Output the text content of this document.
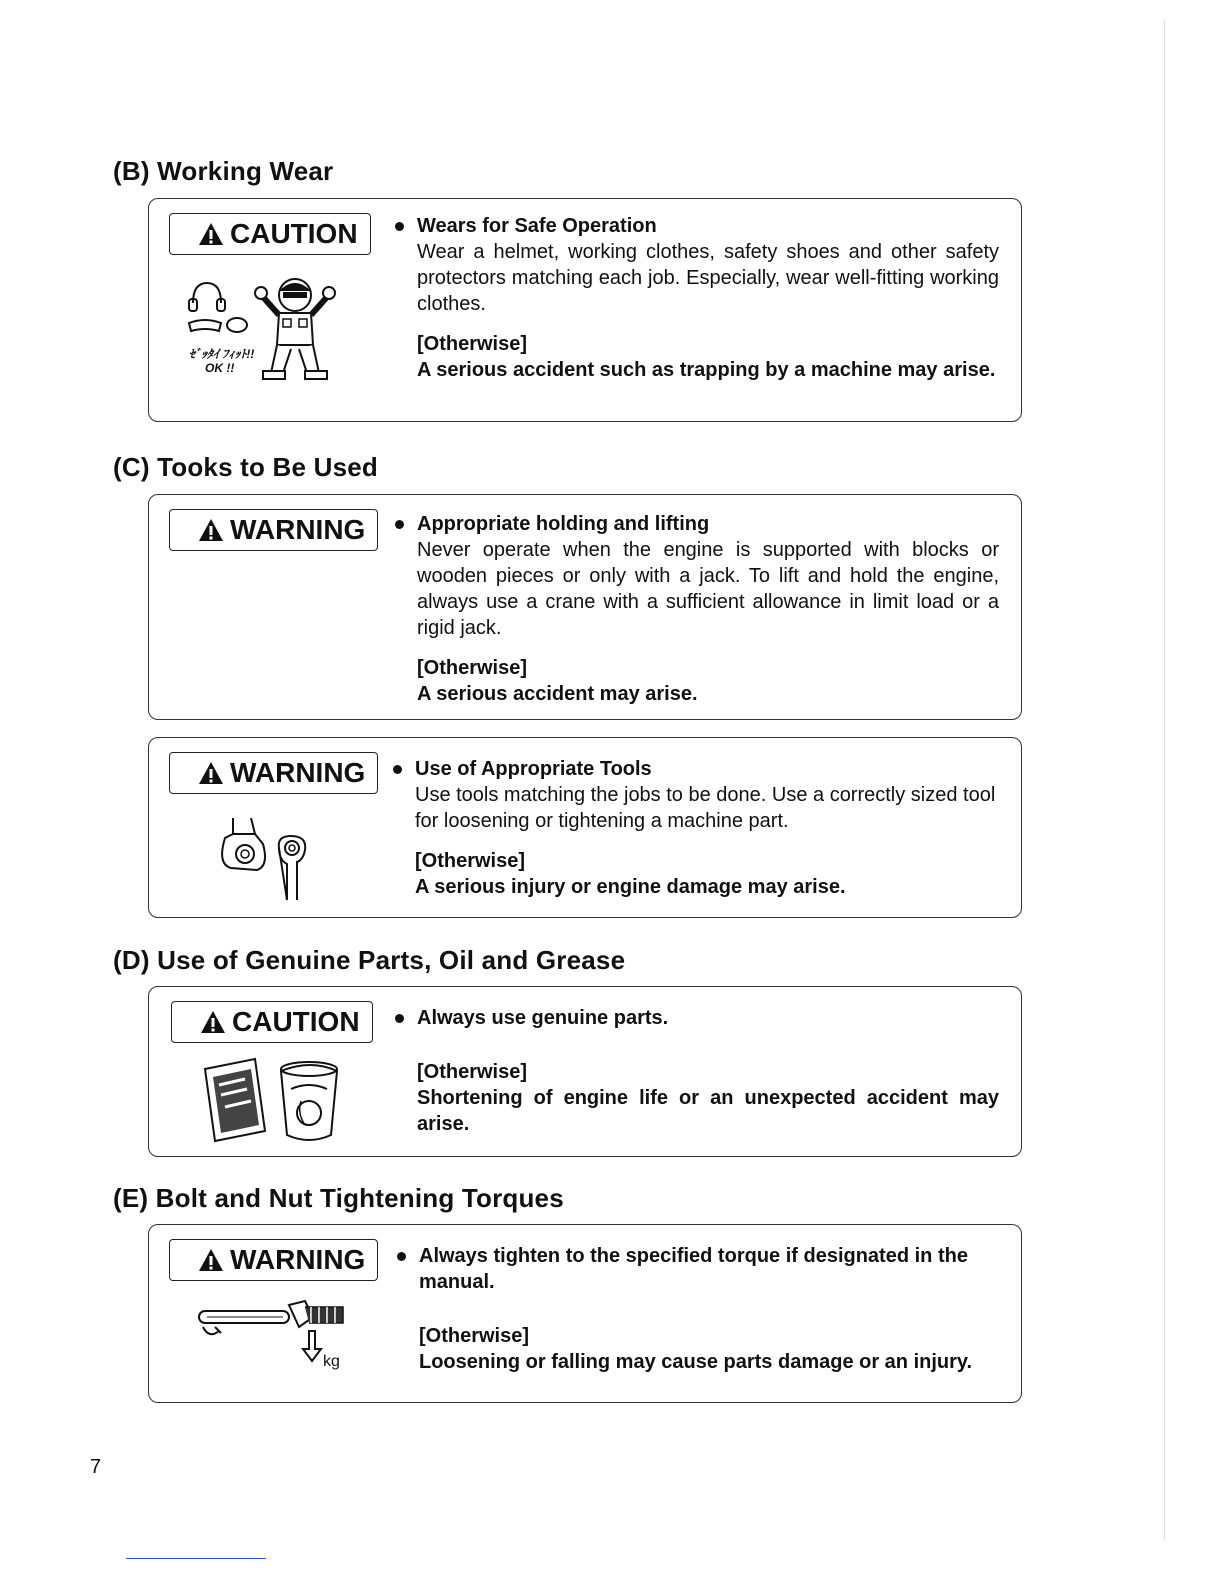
(B) Working Wear
CAUTION
ｾﾞｯﾀｲ ﾌｨｯﾄ!!
OK !!
Wears for Safe Operation
Wear a helmet, working clothes, safety shoes and other safety protectors matching each job. Especially, wear well-fitting working clothes.
[Otherwise]
A serious accident such as trapping by a machine may arise.
(C) Tooks to Be Used
WARNING	Appropriate holding and lifting
Never operate when the engine is supported with blocks or wooden pieces or only with a jack. To lift and hold the engine, always use a crane with a sufficient allowance in limit load or a rigid jack.
[Otherwise]
A serious accident may arise.
WARNING Use of Appropriate Tools
Use tools matching the jobs to be done. Use a correctly sized tool for loosening or tightening a machine part.
[Otherwise]
A serious injury or engine damage may arise.
(D) Use of Genuine Parts, Oil and Grease
CAUTION	Always use genuine parts.
[Otherwise]
Shortening of engine life or an unexpected accident may arise.
(E) Bolt and Nut Tightening Torques
WARNING
kg
Always tighten to the specified torque if designated in the manual.
[Otherwise]
Loosening or falling may cause parts damage or an injury.
7
